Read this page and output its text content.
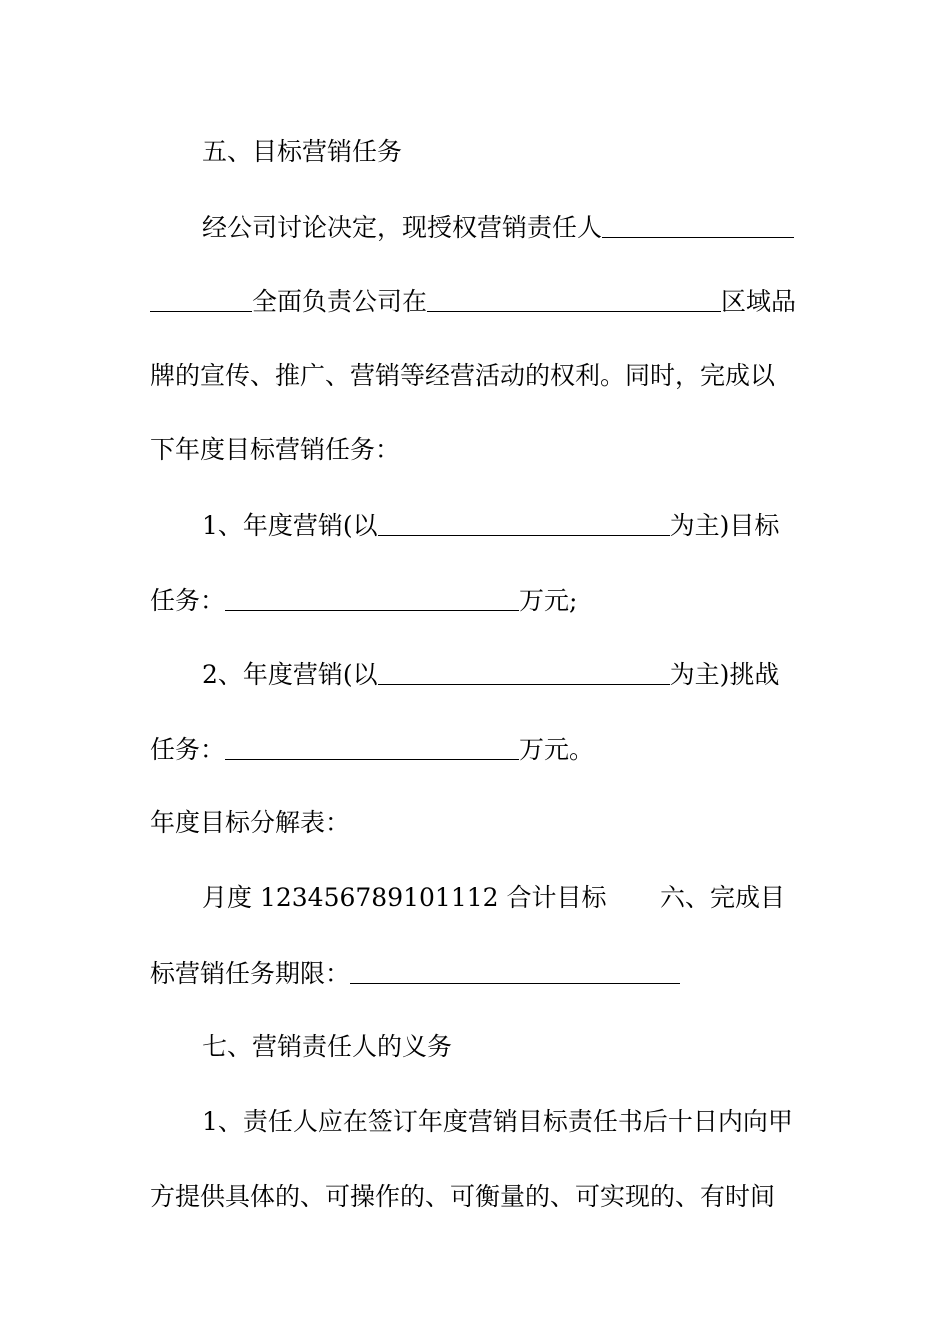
五、目标营销任务
经公司讨论决定，现授权营销责任人
全面负责公司在	区域品
牌的宣传、推广、营销等经营活动的权利。同时，完成以
下年度目标营销任务：
1、年度营销(以	为主)目标
任务：	万元;
2、年度营销(以	为主)挑战
任务：	万元。
年度目标分解表：
月度 123456789101112 合计目标 六、完成目
标营销任务期限：
七、营销责任人的义务
1、责任人应在签订年度营销目标责任书后十日内向甲
方提供具体的、可操作的、可衡量的、可实现的、有时间
